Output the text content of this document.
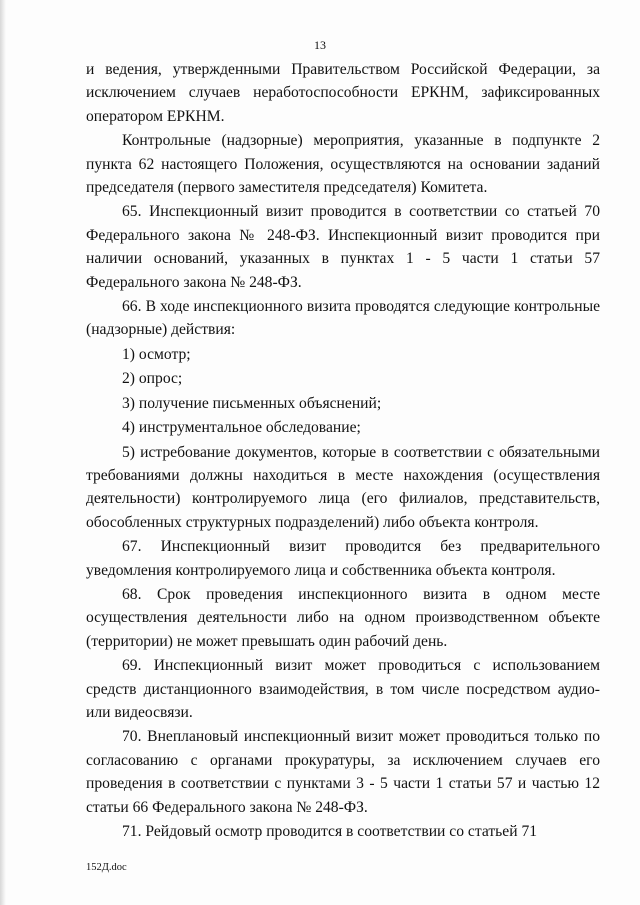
13

и ведения, утвержденными Правительством Российской Федерации, за исключением случаев неработоспособности ЕРКНМ, зафиксированных оператором ЕРКНМ.

Контрольные (надзорные) мероприятия, указанные в подпункте 2 пункта 62 настоящего Положения, осуществляются на основании заданий председателя (первого заместителя председателя) Комитета.

65. Инспекционный визит проводится в соответствии со статьей 70 Федерального закона № 248-ФЗ. Инспекционный визит проводится при наличии оснований, указанных в пунктах 1 - 5 части 1 статьи 57 Федерального закона № 248-ФЗ.

66. В ходе инспекционного визита проводятся следующие контрольные (надзорные) действия:

1) осмотр;

2) опрос;

3) получение письменных объяснений;

4) инструментальное обследование;

5) истребование документов, которые в соответствии с обязательными требованиями должны находиться в месте нахождения (осуществления деятельности) контролируемого лица (его филиалов, представительств, обособленных структурных подразделений) либо объекта контроля.

67. Инспекционный визит проводится без предварительного уведомления контролируемого лица и собственника объекта контроля.

68. Срок проведения инспекционного визита в одном месте осуществления деятельности либо на одном производственном объекте (территории) не может превышать один рабочий день.

69. Инспекционный визит может проводиться с использованием средств дистанционного взаимодействия, в том числе посредством аудио- или видеосвязи.

70. Внеплановый инспекционный визит может проводиться только по согласованию с органами прокуратуры, за исключением случаев его проведения в соответствии с пунктами 3 - 5 части 1 статьи 57 и частью 12 статьи 66 Федерального закона № 248-ФЗ.

71. Рейдовый осмотр проводится в соответствии со статьей 71

152Д.doc
